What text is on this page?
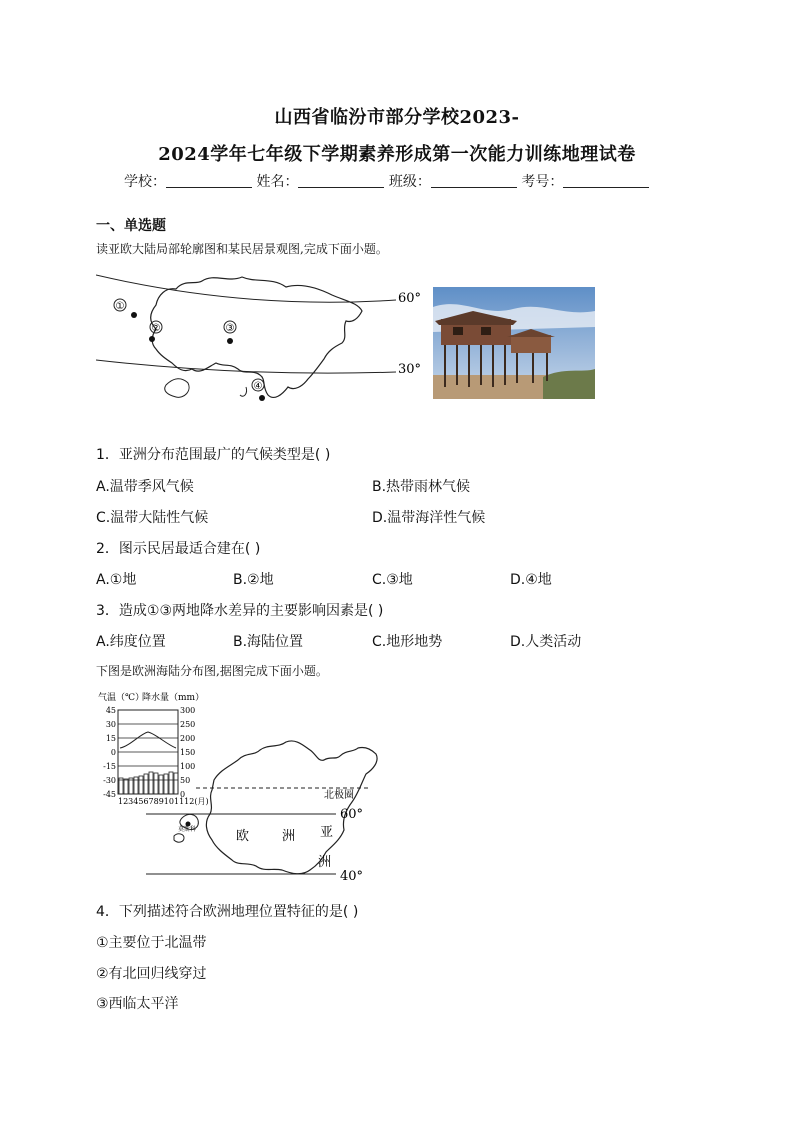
山西省临汾市部分学校2023-
2024学年七年级下学期素养形成第一次能力训练地理试卷
学校：	姓名：	班级：	考号：
一、单选题
读亚欧大陆局部轮廓图和某民居景观图,完成下面小题。
①
②	③
④
60°
30°
1．亚洲分布范围最广的气候类型是( )
A.温带季风气候	B.热带雨林气候
C.温带大陆性气候	D.温带海洋性气候
2．图示民居最适合建在( )
A.①地	B.②地	C.③地	D.④地
3．造成①③两地降水差异的主要影响因素是( )
A.纬度位置	B.海陆位置	C.地形地势	D.人类活动
下图是欧洲海陆分布图,据图完成下面小题。
气温（℃）
降水量（mm）
45
30
15
0
-15
-30
-45
300
250
200
150
100
50
0
123456789101112(月)
北极圈
60°
40°
莫斯科	欧	洲 亚
洲
4．下列描述符合欧洲地理位置特征的是( )
①主要位于北温带
②有北回归线穿过
③西临太平洋
